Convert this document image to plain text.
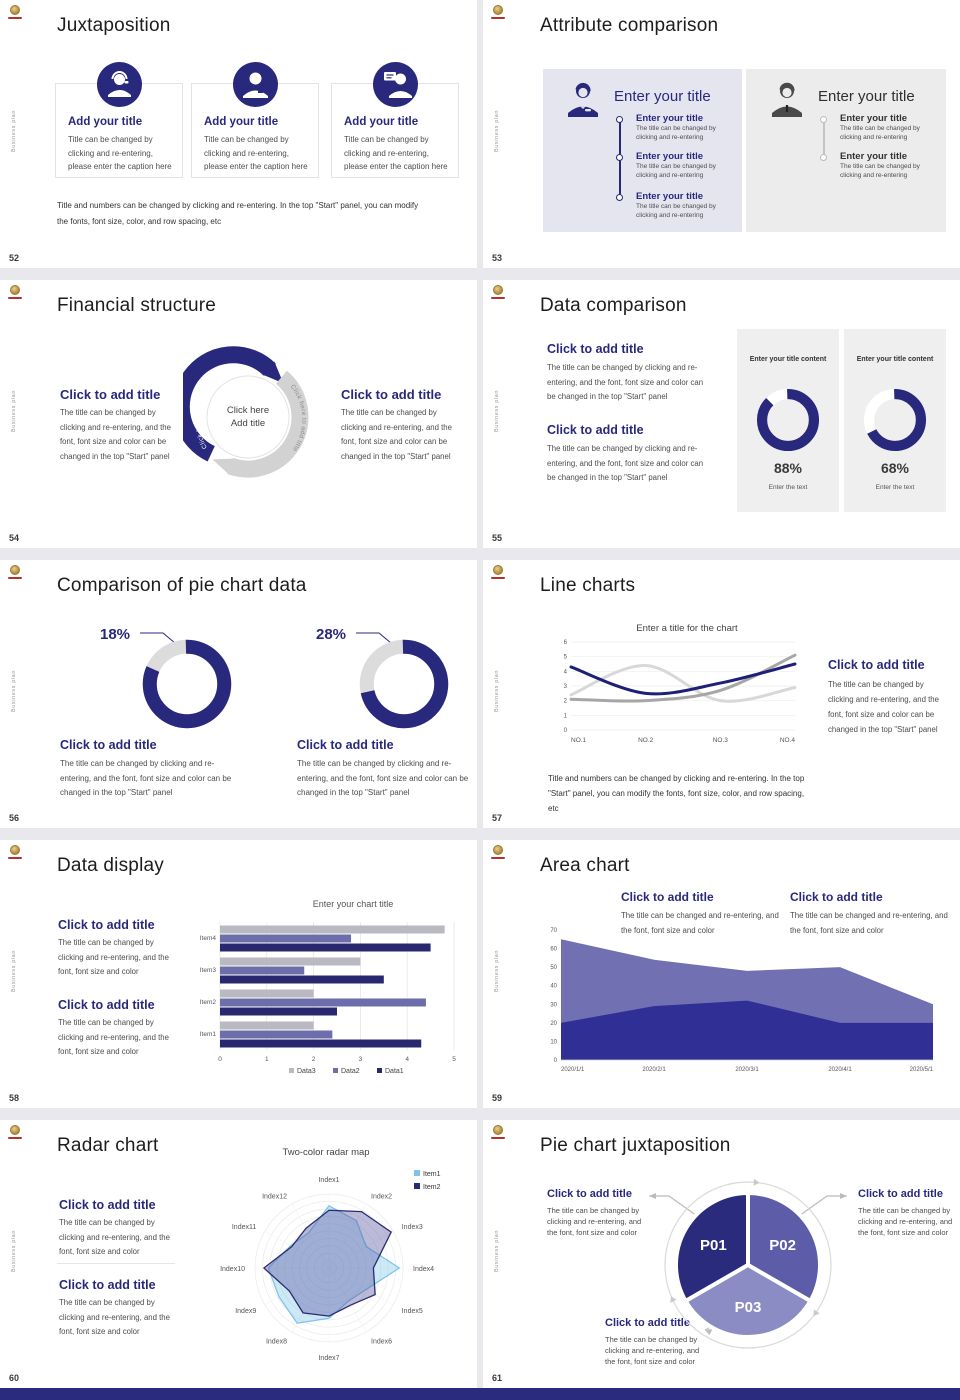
Business plan
Juxtaposition
52
Add your title
Title can be changed by clicking and re-entering, please enter the caption here
Add your title
Title can be changed by clicking and re-entering, please enter the caption here
Add your title
Title can be changed by clicking and re-entering, please enter the caption here
Title and numbers can be changed by clicking and re-entering. In the top "Start" panel, you can modify the fonts, font size, color, and row spacing, etc
Business plan
Attribute comparison
53
Enter your title
Enter your title
The title can be changed by clicking and re-entering
Enter your title
The title can be changed by clicking and re-entering
Enter your title
The title can be changed by clicking and re-entering
Enter your title
Enter your title
The title can be changed by clicking and re-entering
Enter your title
The title can be changed by clicking and re-entering
Business plan
Financial structure
54
Click to add title
The title can be changed by clicking and re-entering, and the font, font size and color can be changed in the top "Start" panel
Click to add title
The title can be changed by clicking and re-entering, and the font, font size and color can be changed in the top "Start" panel
Click here to add title	Click here to add title
Click here
Add title	Business plan
Data comparison
55
Click to add title
The title can be changed by clicking and re-entering, and the font, font size and color can be changed in the top "Start" panel
Click to add title
The title can be changed by clicking and re-entering, and the font, font size and color can be changed in the top "Start" panel
Enter your title content	Enter your title content
88%	68%
Enter the text	Enter the text
Business plan
Comparison of pie chart data
56
18%	28%
Click to add title
The title can be changed by clicking and re-entering, and the font, font size and color can be changed in the top "Start" panel
Click to add title
The title can be changed by clicking and re-entering, and the font, font size and color can be changed in the top "Start" panel
Business plan
Line charts
57
Enter a title for the chart
0
1
2
3
4
5
6
NO.1	NO.2	NO.3	NO.4
Click to add title
The title can be changed by clicking and re-entering, and the font, font size and color can be changed in the top "Start" panel
Title and numbers can be changed by clicking and re-entering. In the top "Start" panel, you can modify the fonts, font size, color, and row spacing, etc
Business plan
Data display
58
Click to add title
The title can be changed by clicking and re-entering, and the font, font size and color
Click to add title
The title can be changed by clicking and re-entering, and the font, font size and color
Enter your chart title
0	1	2	3	4	5
Item4
Item3
Item2
Item1
Data3	Data2	Data1
Business plan
Area chart
59
Click to add title
The title can be changed and re-entering, and the font, font size and color
Click to add title
The title can be changed and re-entering, and the font, font size and color
0
10
20
30
40
50
60
70
2020/1/1	2020/2/1	2020/3/1	2020/4/1	2020/5/1
Business plan
Radar chart
60
Click to add title
The title can be changed by clicking and re-entering, and the font, font size and color
Click to add title
The title can be changed by clicking and re-entering, and the font, font size and color
Two-color radar map
Index1
Index2
Index3
Index4
Index5
Index6
Index7
Index8
Index9
Index10
Index11
Index12
Item1
Item2
Business plan
Pie chart juxtaposition
61
Click to add title
The title can be changed by clicking and re-entering, and the font, font size and color
Click to add title
The title can be changed by clicking and re-entering, and the font, font size and color
Click to add title
The title can be changed by clicking and re-entering, and the font, font size and color
P01	P02
P03
